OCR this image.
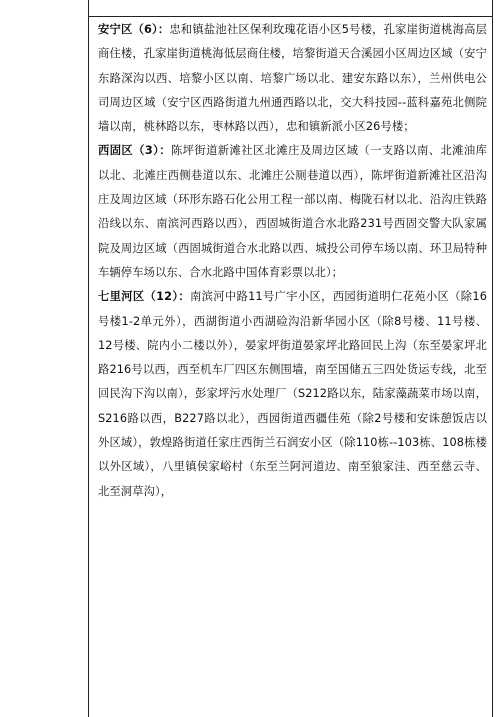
安宁区（6）：忠和镇盐池社区保利玫瑰花语小区5号楼，孔家崖街道桃海高层商住楼，孔家崖街道桃海低层商住楼，培黎街道天合溪园小区周边区域（安宁东路深沟以西、培黎小区以南、培黎广场以北、建安东路以东），兰州供电公司周边区域（安宁区西路街道九州通西路以北，交大科技园--蓝科嘉苑北侧院墙以南，桃林路以东，枣林路以西），忠和镇新派小区26号楼；

西固区（3）：陈坪街道新滩社区北滩庄及周边区域（一支路以南、北滩油库以北、北滩庄西侧巷道以东、北滩庄公厕巷道以西），陈坪街道新滩社区沿沟庄及周边区域（环形东路石化公用工程一部以南、梅陇石材以北、沿沟庄铁路沿线以东、南滨河西路以西），西固城街道合水北路231号西固交警大队家属院及周边区域（西固城街道合水北路以西、城投公司停车场以南、环卫局特种车辆停车场以东、合水北路中国体育彩票以北）；

七里河区（12）：南滨河中路11号广宇小区，西园街道明仁花苑小区（除16号楼1-2单元外），西湖街道小西湖硷沟沿新华园小区（除8号楼、11号楼、12号楼、院内小二楼以外），晏家坪街道晏家坪北路回民上沟（东至晏家坪北路216号以西，西至机车厂四区东侧围墙，南至国储五三四处货运专线，北至回民沟下沟以南），彭家坪污水处理厂（S212路以东，陆家藻蔬菜市场以南，S216路以西，B227路以北），西园街道西疆佳苑（除2号楼和安诛憩饭店以外区域），敦煌路街道任家庄西街兰石润安小区（除110栋--103栋、108栋楼以外区域），八里镇侯家峪村（东至兰阿河道边、南至狼家洼、西至慈云寺、北至洞草沟），
